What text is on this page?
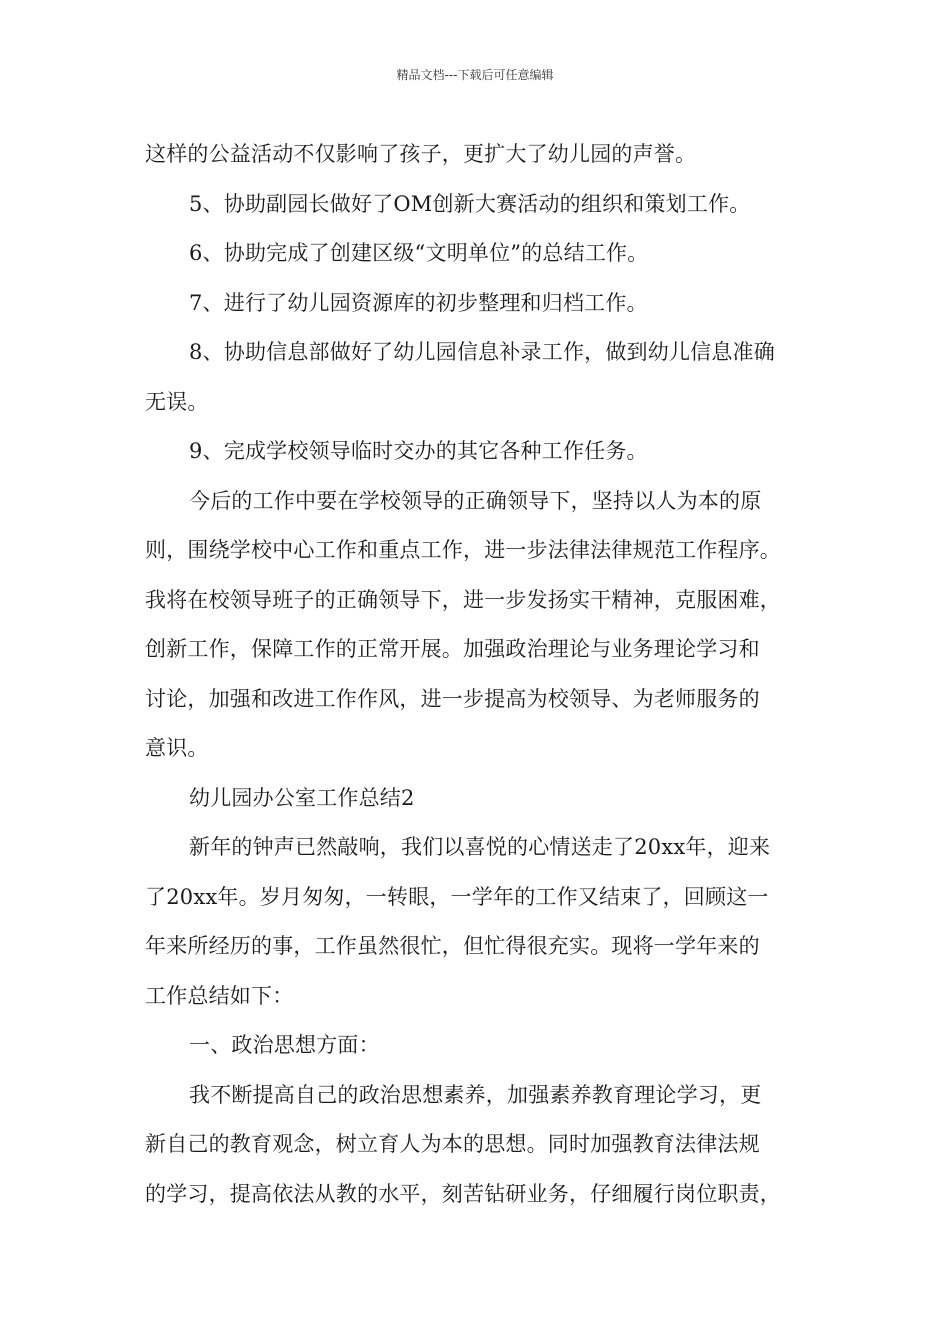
精品文档---下载后可任意编辑
这样的公益活动不仅影响了孩子，更扩大了幼儿园的声誉。
5、协助副园长做好了OM创新大赛活动的组织和策划工作。
6、协助完成了创建区级“文明单位”的总结工作。
7、进行了幼儿园资源库的初步整理和归档工作。
8、协助信息部做好了幼儿园信息补录工作，做到幼儿信息准确
无误。
9、完成学校领导临时交办的其它各种工作任务。
今后的工作中要在学校领导的正确领导下，坚持以人为本的原
则，围绕学校中心工作和重点工作，进一步法律法律规范工作程序。
我将在校领导班子的正确领导下，进一步发扬实干精神，克服困难，
创新工作，保障工作的正常开展。加强政治理论与业务理论学习和
讨论，加强和改进工作作风，进一步提高为校领导、为老师服务的
意识。
幼儿园办公室工作总结2
新年的钟声已然敲响，我们以喜悦的心情送走了20xx年，迎来
了20xx年。岁月匆匆，一转眼，一学年的工作又结束了，回顾这一
年来所经历的事，工作虽然很忙，但忙得很充实。现将一学年来的
工作总结如下：
一、政治思想方面：
我不断提高自己的政治思想素养，加强素养教育理论学习，更
新自己的教育观念，树立育人为本的思想。同时加强教育法律法规
的学习，提高依法从教的水平，刻苦钻研业务，仔细履行岗位职责，
